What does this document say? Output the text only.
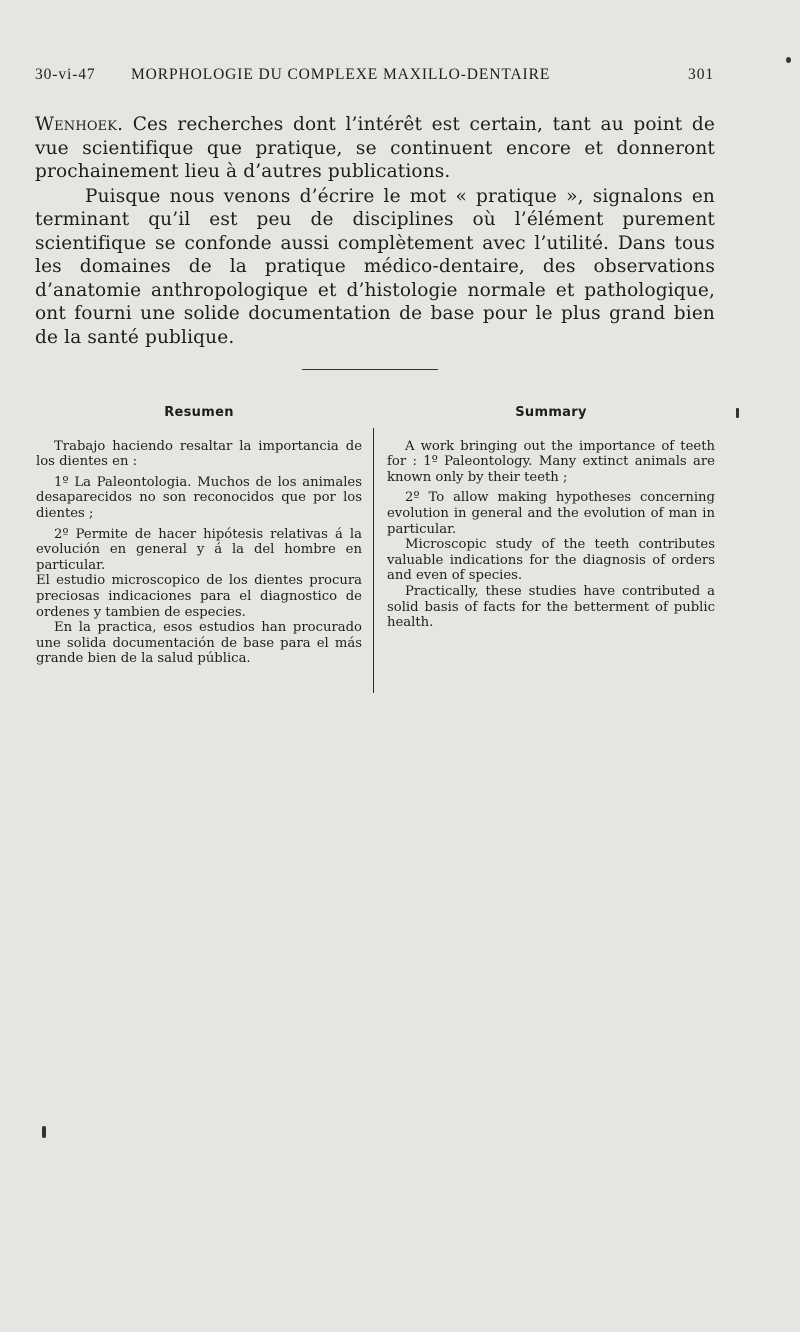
30-vi-47 MORPHOLOGIE DU COMPLEXE MAXILLO-DENTAIRE	301

Wenhoek. Ces recherches dont l’intérêt est certain, tant au point de vue scientifique que pratique, se continuent encore et donneront prochainement lieu à d’autres publications.

Puisque nous venons d’écrire le mot « pratique », signalons en terminant qu’il est peu de disciplines où l’élément purement scientifique se confonde aussi complètement avec l’utilité. Dans tous les domaines de la pratique médico-dentaire, des observations d’anatomie anthropologique et d’histologie normale et pathologique, ont fourni une solide documentation de base pour le plus grand bien de la santé publique.

Resumen

Trabajo haciendo resaltar la importancia de los dientes en :

1º La Paleontologia. Muchos de los animales desaparecidos no son reconocidos que por los dientes ;

2º Permite de hacer hipótesis relativas á la evolución en general y á la del hombre en particular.

El estudio microscopico de los dientes procura preciosas indicaciones para el diagnostico de ordenes y tambien de especies.

En la practica, esos estudios han procurado une solida documentación de base para el más grande bien de la salud pública.

Summary

A work bringing out the importance of teeth for : 1º Paleontology. Many extinct animals are known only by their teeth ;

2º To allow making hypotheses concerning evolution in general and the evolution of man in particular.

Microscopic study of the teeth contributes valuable indications for the diagnosis of orders and even of species.

Practically, these studies have contributed a solid basis of facts for the betterment of public health.
